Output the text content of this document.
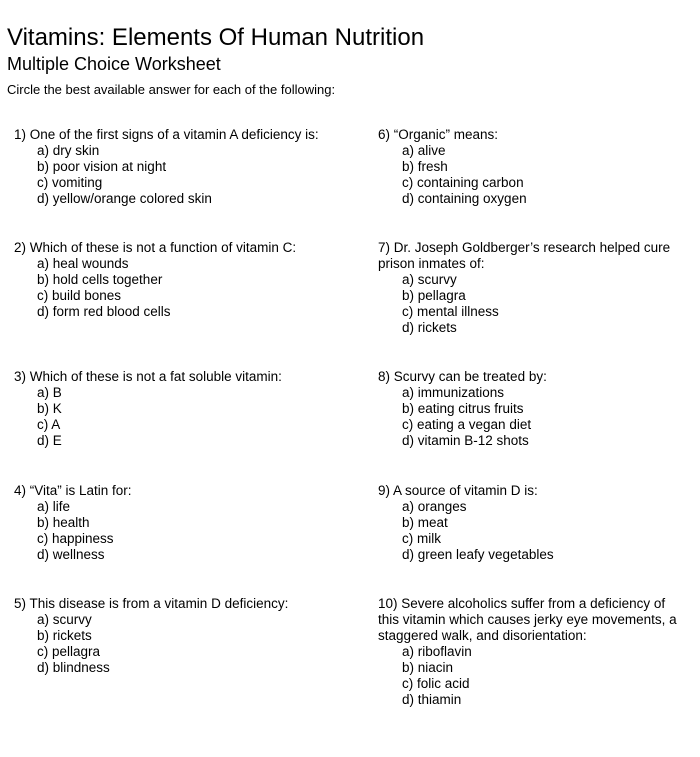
Vitamins: Elements Of Human Nutrition
Multiple Choice Worksheet
Circle the best available answer for each of the following:

1) One of the first signs of a vitamin A deficiency is:

a) dry skin
b) poor vision at night
c) vomiting
d) yellow/orange colored skin

2) Which of these is not a function of vitamin C:

a) heal wounds
b) hold cells together
c) build bones
d) form red blood cells

3) Which of these is not a fat soluble vitamin:

a) B
b) K
c) A
d) E

4) “Vita” is Latin for:

a) life
b) health
c) happiness
d) wellness

5) This disease is from a vitamin D deficiency:

a) scurvy
b) rickets
c) pellagra
d) blindness

6) “Organic” means:

a) alive
b) fresh
c) containing carbon
d) containing oxygen

7) Dr. Joseph Goldberger’s research helped cure
prison inmates of:

a) scurvy
b) pellagra
c) mental illness
d) rickets

8) Scurvy can be treated by:

a) immunizations
b) eating citrus fruits
c) eating a vegan diet
d) vitamin B-12 shots

9) A source of vitamin D is:

a) oranges
b) meat
c) milk
d) green leafy vegetables

10) Severe alcoholics suffer from a deficiency of
this vitamin which causes jerky eye movements, a
staggered walk, and disorientation:

a) riboflavin
b) niacin
c) folic acid
d) thiamin
